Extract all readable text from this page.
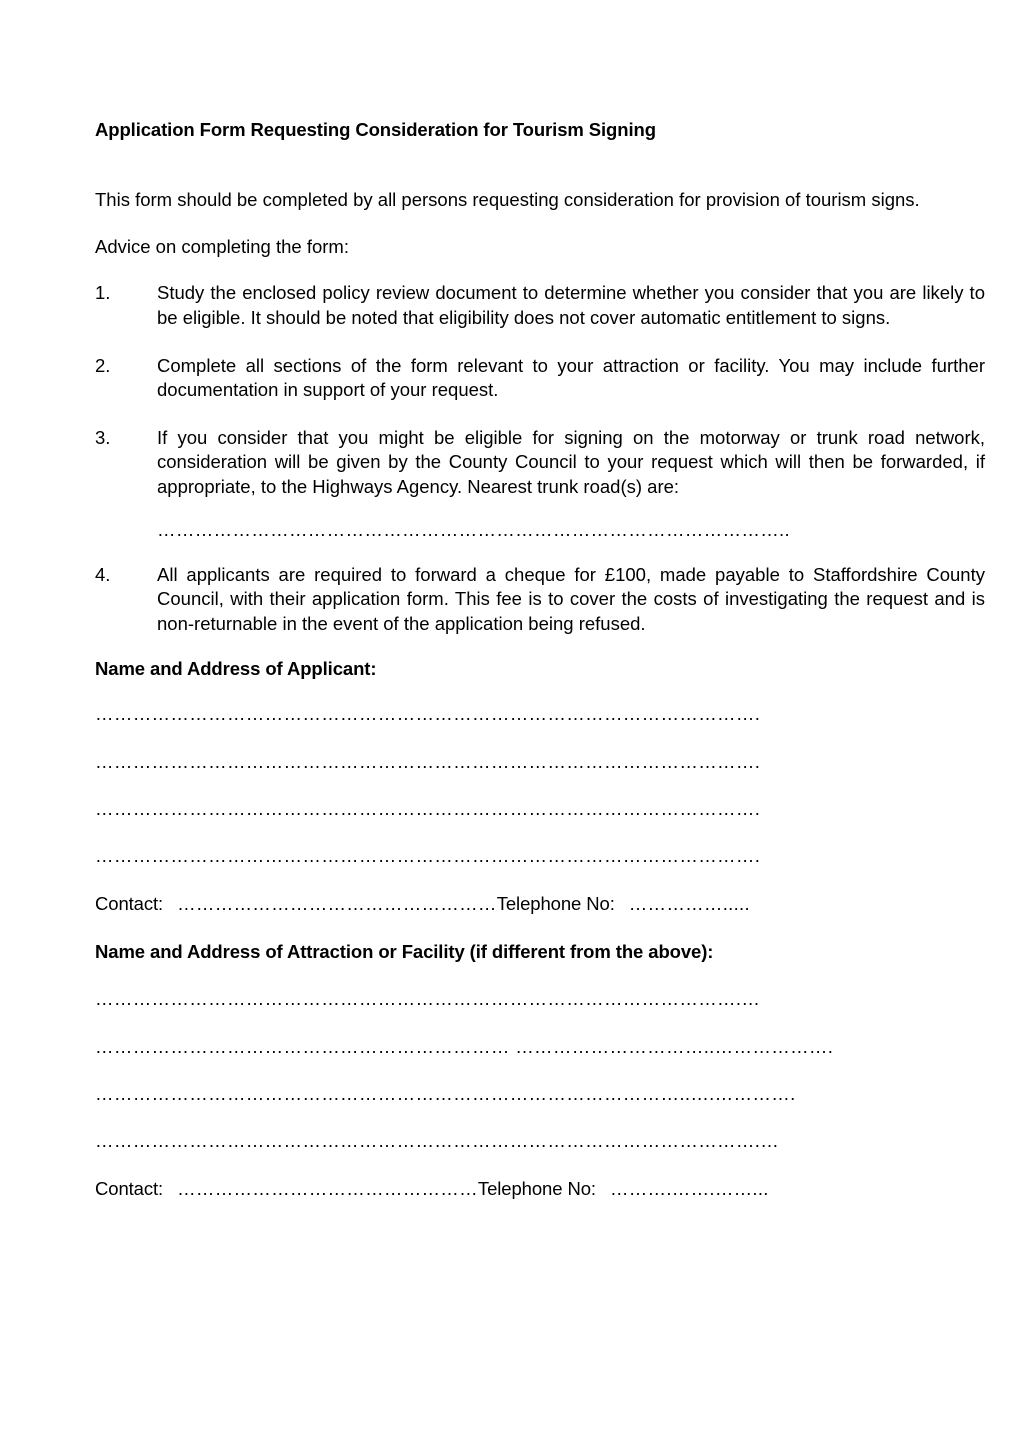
Application Form Requesting Consideration for Tourism Signing

This form should be completed by all persons requesting consideration for provision of tourism signs.

Advice on completing the form:

1.	Study the enclosed policy review document to determine whether you consider that you are likely to be eligible. It should be noted that eligibility does not cover automatic entitlement to signs.
2.	Complete all sections of the form relevant to your attraction or facility. You may include further documentation in support of your request.
3.	If you consider that you might be eligible for signing on the motorway or trunk road network, consideration will be given by the County Council to your request which will then be forwarded, if appropriate, to the Highways Agency. Nearest trunk road(s) are:
………………………………………………………………………………………..
4.	All applicants are required to forward a cheque for £100, made payable to Staffordshire County Council, with their application form. This fee is to cover the costs of investigating the request and is non-returnable in the event of the application being refused.
Name and Address of Applicant:
…………………………………………………………………………………………….
…………………………………………………………………………………………….
…………………………………………………………………………………………….
…………………………………………………………………………………………….
Contact: ……………………………………………Telephone No: …………….....
Name and Address of Attraction or Facility (if different from the above):
………………………………………………………………………………………….…
………………………………………………………… …………………………..……………….
…………………………………………………………………………………..….………….
…………………………………………………………………………………………….…
Contact: …………………………………………Telephone No: ……….…….……...
